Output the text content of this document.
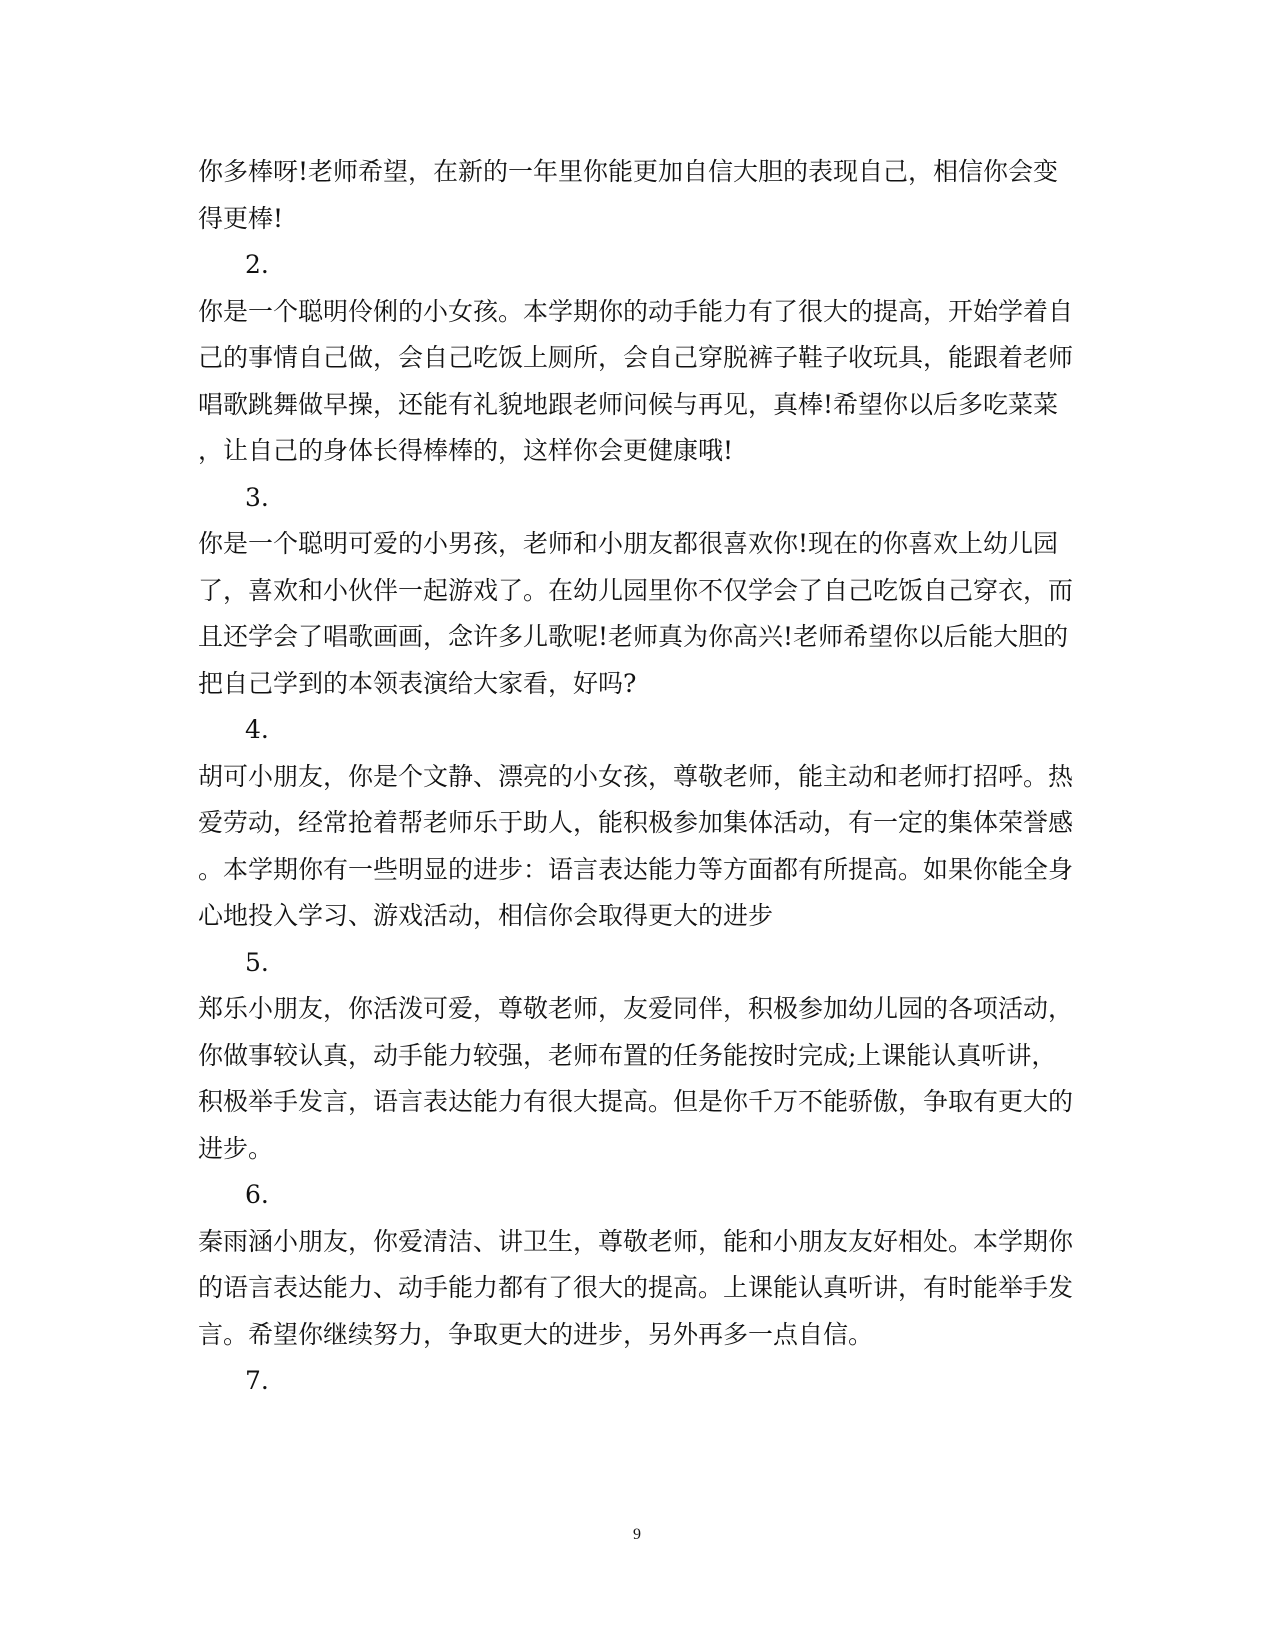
你多棒呀!老师希望，在新的一年里你能更加自信大胆的表现自己，相信你会变
得更棒!
2.
你是一个聪明伶俐的小女孩。本学期你的动手能力有了很大的提高，开始学着自
己的事情自己做，会自己吃饭上厕所，会自己穿脱裤子鞋子收玩具，能跟着老师
唱歌跳舞做早操，还能有礼貌地跟老师问候与再见，真棒!希望你以后多吃菜菜
，让自己的身体长得棒棒的，这样你会更健康哦!
3.
你是一个聪明可爱的小男孩，老师和小朋友都很喜欢你!现在的你喜欢上幼儿园
了，喜欢和小伙伴一起游戏了。在幼儿园里你不仅学会了自己吃饭自己穿衣，而
且还学会了唱歌画画，念许多儿歌呢!老师真为你高兴!老师希望你以后能大胆的
把自己学到的本领表演给大家看，好吗?
4.
胡可小朋友，你是个文静、漂亮的小女孩，尊敬老师，能主动和老师打招呼。热
爱劳动，经常抢着帮老师乐于助人，能积极参加集体活动，有一定的集体荣誉感
。本学期你有一些明显的进步：语言表达能力等方面都有所提高。如果你能全身
心地投入学习、游戏活动，相信你会取得更大的进步
5.
郑乐小朋友，你活泼可爱，尊敬老师，友爱同伴，积极参加幼儿园的各项活动，
你做事较认真，动手能力较强，老师布置的任务能按时完成;上课能认真听讲，
积极举手发言，语言表达能力有很大提高。但是你千万不能骄傲，争取有更大的
进步。
6.
秦雨涵小朋友，你爱清洁、讲卫生，尊敬老师，能和小朋友友好相处。本学期你
的语言表达能力、动手能力都有了很大的提高。上课能认真听讲，有时能举手发
言。希望你继续努力，争取更大的进步，另外再多一点自信。
7.
9
